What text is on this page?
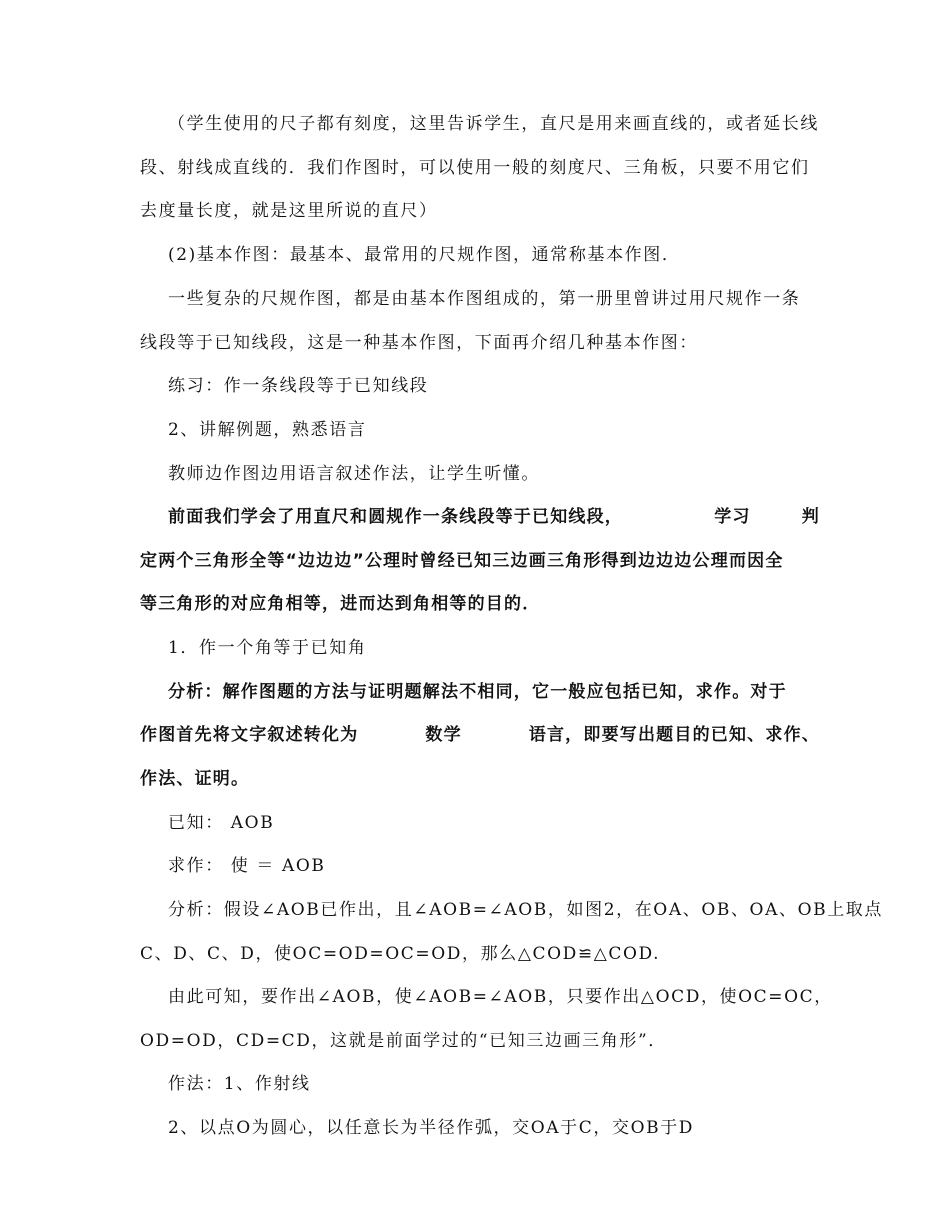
（学生使用的尺子都有刻度，这里告诉学生，直尺是用来画直线的，或者延长线
段、射线成直线的．我们作图时，可以使用一般的刻度尺、三角板，只要不用它们
去度量长度，就是这里所说的直尺）
(2)基本作图：最基本、最常用的尺规作图，通常称基本作图．
一些复杂的尺规作图，都是由基本作图组成的，第一册里曾讲过用尺规作一条
线段等于已知线段，这是一种基本作图，下面再介绍几种基本作图：
练习：作一条线段等于已知线段
2、讲解例题，熟悉语言
教师边作图边用语言叙述作法，让学生听懂。
前面我们学会了用直尺和圆规作一条线段等于已知线段，	学习	判
定两个三角形全等“边边边”公理时曾经已知三边画三角形得到边边边公理而因全
等三角形的对应角相等，进而达到角相等的目的．
1．作一个角等于已知角
分析：解作图题的方法与证明题解法不相同，它一般应包括已知，求作。对于
作图首先将文字叙述转化为	数学	语言，即要写出题目的已知、求作、
作法、证明。
已知： AOB
求作： 使 ＝ AOB
分析：假设∠AOB已作出，且∠AOB=∠AOB，如图2，在OA、OB、OA、OB上取点
C、D、C、D，使OC=OD=OC=OD，那么△COD≌△COD.
由此可知，要作出∠AOB，使∠AOB=∠AOB，只要作出△OCD，使OC=OC，
OD=OD，CD=CD，这就是前面学过的“已知三边画三角形”．
作法：1、作射线
2、以点O为圆心，以任意长为半径作弧，交OA于C，交OB于D
